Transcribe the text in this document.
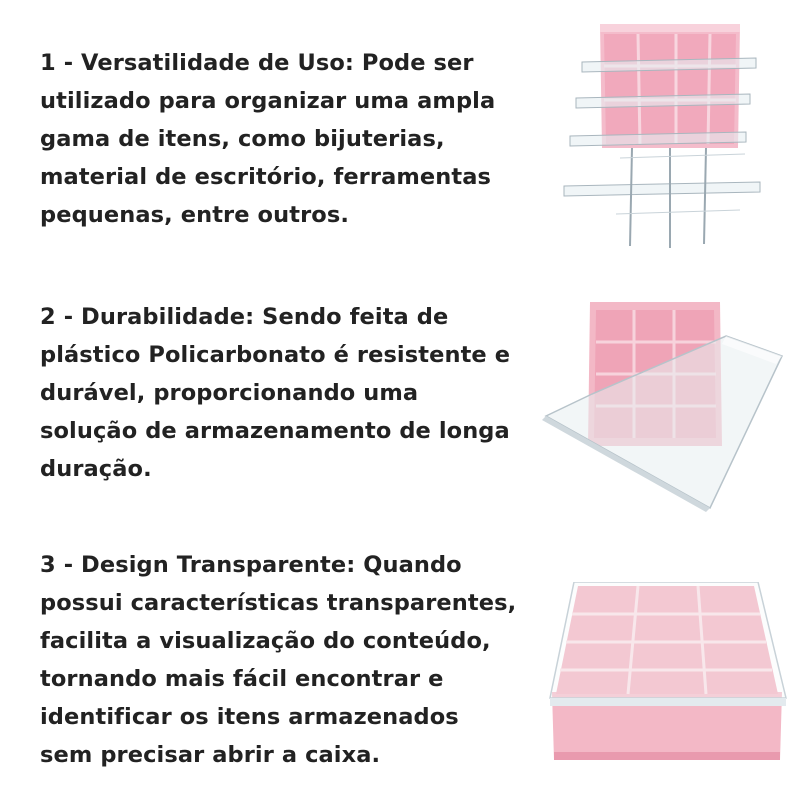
1 - Versatilidade de Uso: Pode ser
utilizado para organizar uma ampla
gama de itens, como bijuterias,
material de escritório, ferramentas
pequenas, entre outros.

2 - Durabilidade: Sendo feita de
plástico Policarbonato é resistente e
durável, proporcionando uma
solução de armazenamento de longa
duração.

3 - Design Transparente: Quando
possui características transparentes,
facilita a visualização do conteúdo,
tornando mais fácil encontrar e
identificar os itens armazenados
sem precisar abrir a caixa.
